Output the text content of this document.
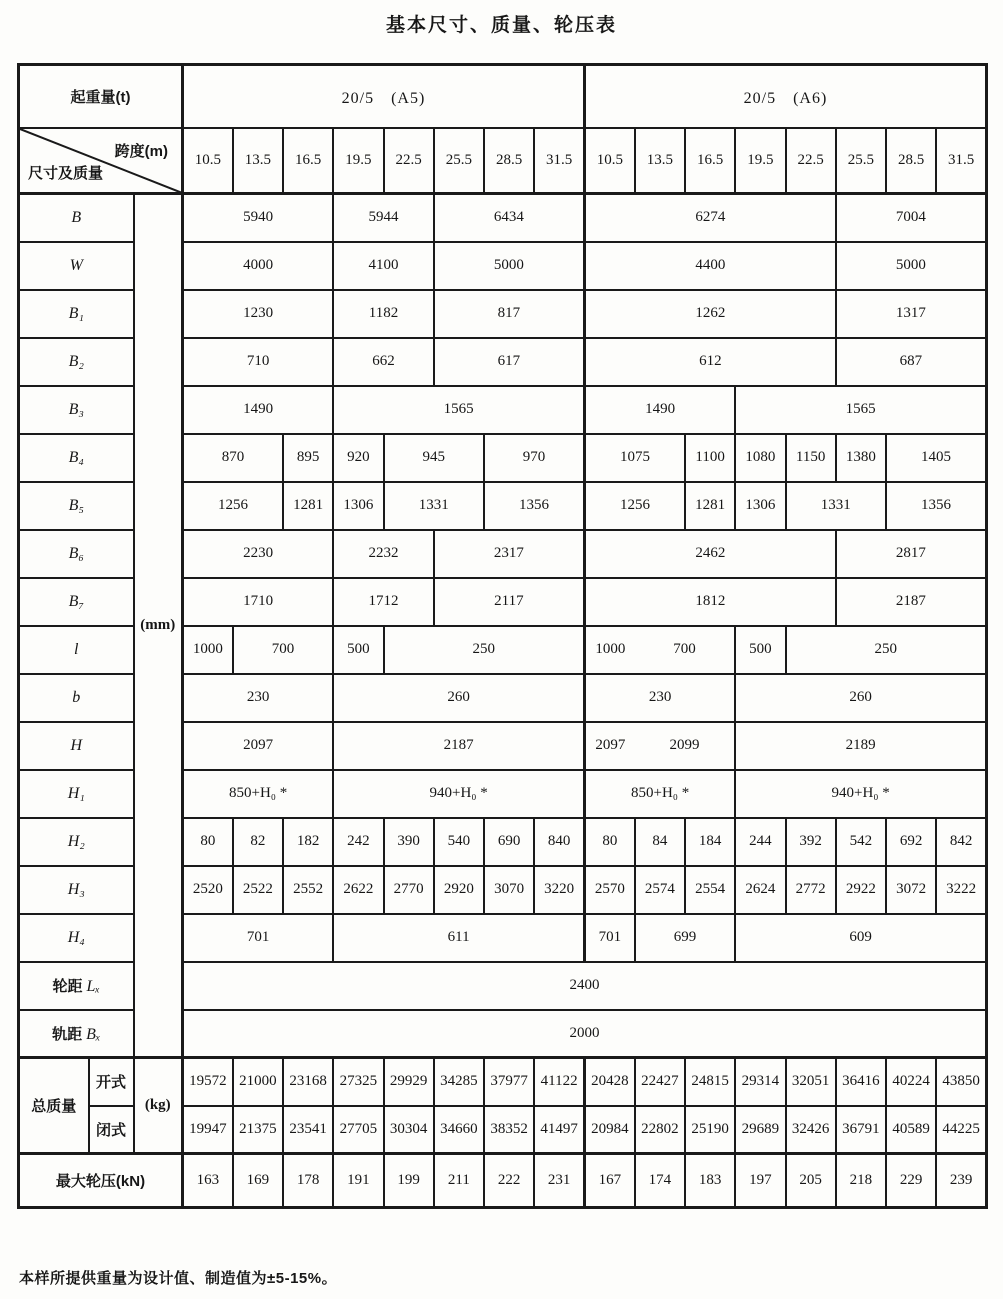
基本尺寸、质量、轮压表
起重量(t)			20/5　(A5)								20/5　(A6)							

跨度(m)
尺寸及质量			10.5	13.5	16.5	19.5	22.5	25.5	28.5	31.5	10.5	13.5	16.5	19.5	22.5	25.5	28.5	31.5
B		(mm)	5940			5944		6434			6274					7004		
W			4000			4100		5000			4400					5000		
B₁			1230			1182		817			1262					1317		
B₂			710			662		617			612					687		
B₃			1490			1565					1490			1565				
B₄			870		895	920	945		970		1075		1100	1080	1150	1380	1405	
B₅			1256		1281	1306	1331		1356		1256		1281	1306	1331		1356	
B₆			2230			2232		2317			2462					2817		
B₇			1710			1712		2117			1812					2187		
l			1000	700		500	250				1000	700		500	250			
b			230			260					230			260				
H			2097			2187					2097	2099		2189				
H₁			850+H₀ *			940+H₀ *					850+H₀ *			940+H₀ *				
H₂			80	82	182	242	390	540	690	840	80	84	184	244	392	542	692	842
H₃			2520	2522	2552	2622	2770	2920	3070	3220	2570	2574	2554	2624	2772	2922	3072	3222
H₄			701			611					701	699		609				
轮距 Lₓ			2400															
轨距 Bₓ			2000															
总质量	开式	(kg)	19572	21000	23168	27325	29929	34285	37977	41122	20428	22427	24815	29314	32051	36416	40224	43850
	闭式		19947	21375	23541	27705	30304	34660	38352	41497	20984	22802	25190	29689	32426	36791	40589	44225
最大轮压(kN)			163	169	178	191	199	211	222	231	167	174	183	197	205	218	229	239
本样所提供重量为设计值、制造值为±5-15%。
